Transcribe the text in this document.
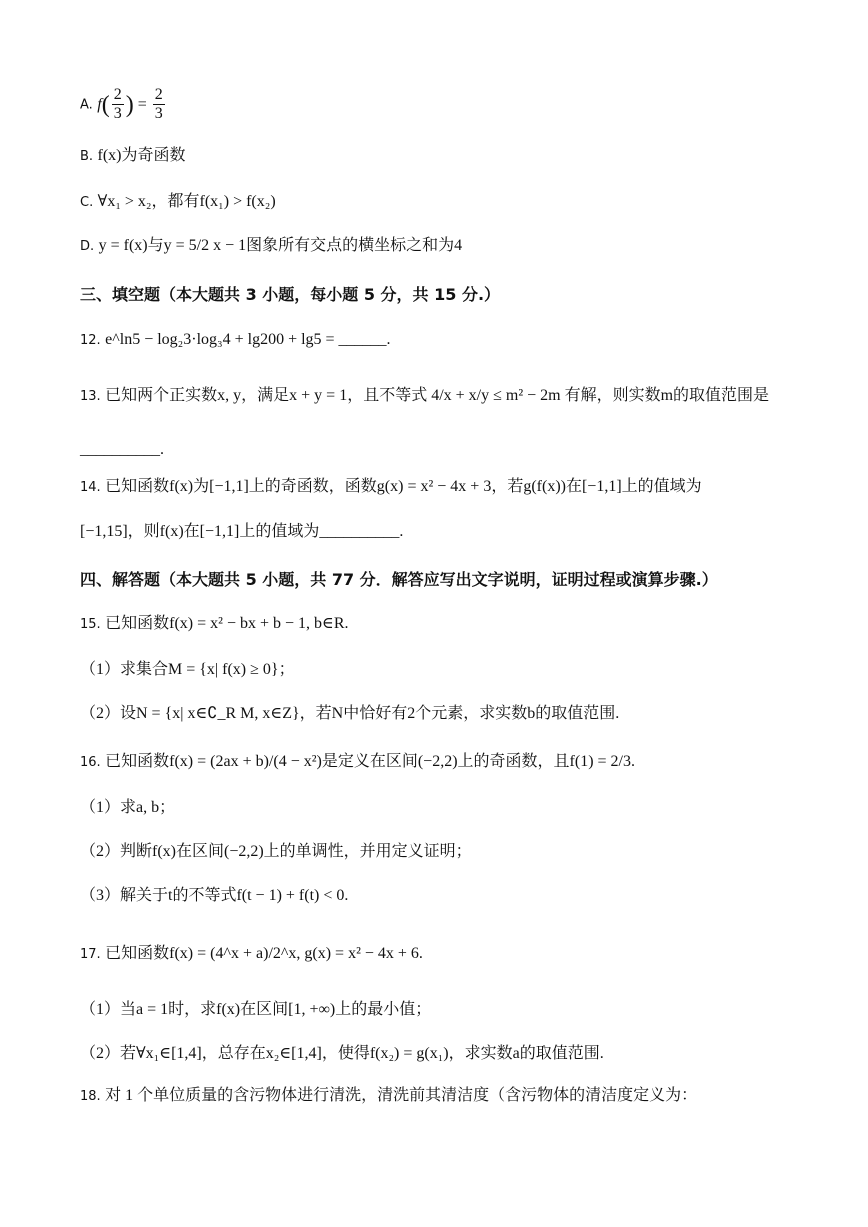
A. $f( \frac{2}{3}$ ) = $\frac{2}{3}$
B. f(x)为奇函数
C. ∀x₁ > x₂，都有f(x₁) > f(x₂)
D. y = f(x)与y = 5/2 x − 1图象所有交点的横坐标之和为4
三、填空题（本大题共 3 小题，每小题 5 分，共 15 分.）
12. e^ln5 − log₂3·log₃4 + lg200 + lg5 = ______.
13. 已知两个正实数x, y，满足x + y = 1，且不等式 4/x + x/y ≤ m² − 2m 有解，则实数m的取值范围是
__________.
14. 已知函数f(x)为[−1,1]上的奇函数，函数g(x) = x² − 4x + 3，若g(f(x))在[−1,1]上的值域为
[−1,15]，则f(x)在[−1,1]上的值域为__________.
四、解答题（本大题共 5 小题，共 77 分．解答应写出文字说明，证明过程或演算步骤.）
15. 已知函数f(x) = x² − bx + b − 1, b∈R.
（1）求集合M = {x| f(x) ≥ 0}；
（2）设N = {x| x∈∁_R M, x∈Z}，若N中恰好有2个元素，求实数b的取值范围.
16. 已知函数f(x) = (2ax + b)/(4 − x²)是定义在区间(−2,2)上的奇函数，且f(1) = 2/3.
（1）求a, b；
（2）判断f(x)在区间(−2,2)上的单调性，并用定义证明；
（3）解关于t的不等式f(t − 1) + f(t) < 0.
17. 已知函数f(x) = (4^x + a)/2^x, g(x) = x² − 4x + 6.
（1）当a = 1时，求f(x)在区间[1, +∞)上的最小值；
（2）若∀x₁∈[1,4]，总存在x₂∈[1,4]，使得f(x₂) = g(x₁)，求实数a的取值范围.
18. 对 1 个单位质量的含污物体进行清洗，清洗前其清洁度（含污物体的清洁度定义为：
